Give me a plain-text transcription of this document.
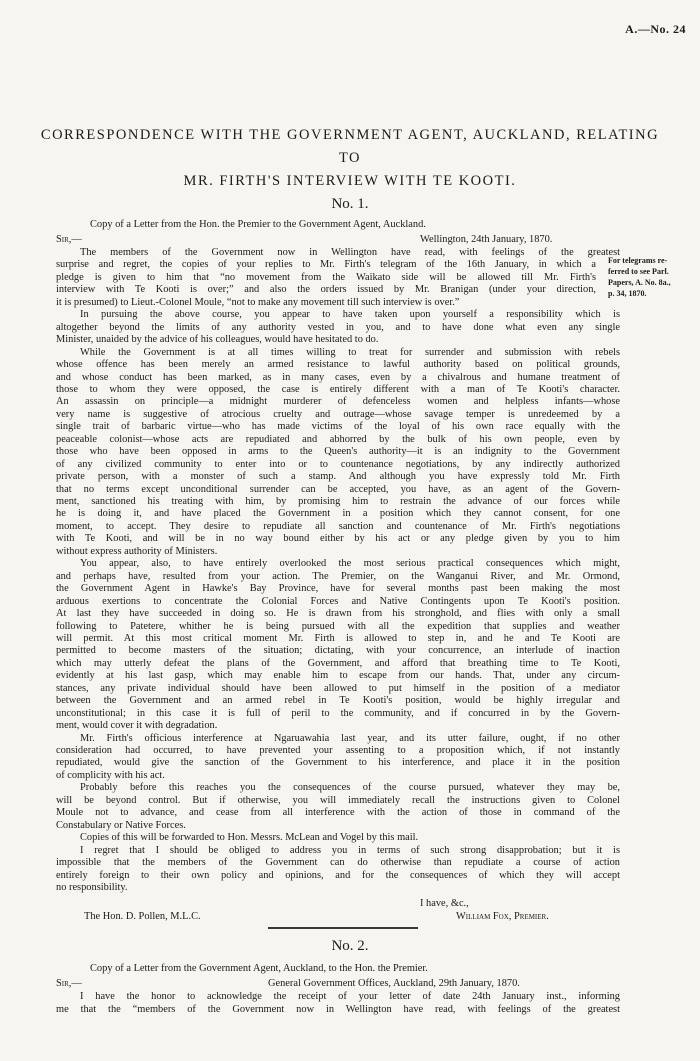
A.—No. 24
CORRESPONDENCE WITH THE GOVERNMENT AGENT, AUCKLAND, RELATING TO
MR. FIRTH'S INTERVIEW WITH TE KOOTI.
No. 1.
Copy of a Letter from the Hon. the Premier to the Government Agent, Auckland.
Sir,—	Wellington, 24th January, 1870.
For telegrams re-
ferred to see Parl.
Papers, A. No. 8a.,
p. 34, 1870.
The members of the Government now in Wellington have read, with feelings of the greatest
surprise and regret, the copies of your replies to Mr. Firth's telegram of the 16th January, in which a
pledge is given to him that “no movement from the Waikato side will be allowed till Mr. Firth's
interview with Te Kooti is over;” and also the orders issued by Mr. Branigan (under your direction,
it is presumed) to Lieut.-Colonel Moule, “not to make any movement till such interview is over.”
In pursuing the above course, you appear to have taken upon yourself a responsibility which is
altogether beyond the limits of any authority vested in you, and to have done what even any single
Minister, unaided by the advice of his colleagues, would have hesitated to do.
While the Government is at all times willing to treat for surrender and submission with rebels
whose offence has been merely an armed resistance to lawful authority based on political grounds,
and whose conduct has been marked, as in many cases, even by a chivalrous and humane treatment of
those to whom they were opposed, the case is entirely different with a man of Te Kooti's character.
An assassin on principle—a midnight murderer of defenceless women and helpless infants—whose
very name is suggestive of atrocious cruelty and outrage—whose savage temper is unredeemed by a
single trait of barbaric virtue—who has made victims of the loyal of his own race equally with the
peaceable colonist—whose acts are repudiated and abhorred by the bulk of his own people, even by
those who have been opposed in arms to the Queen's authority—it is an indignity to the Government
of any civilized community to enter into or to countenance negotiations, by any indirectly authorized
private person, with a monster of such a stamp. And although you have expressly told Mr. Firth
that no terms except unconditional surrender can be accepted, you have, as an agent of the Govern-
ment, sanctioned his treating with him, by promising him to restrain the advance of our forces while
he is doing it, and have placed the Government in a position which they cannot consent, for one
moment, to accept. They desire to repudiate all sanction and countenance of Mr. Firth's negotiations
with Te Kooti, and will be in no way bound either by his act or any pledge given by you to him
without express authority of Ministers.
You appear, also, to have entirely overlooked the most serious practical consequences which might,
and perhaps have, resulted from your action. The Premier, on the Wanganui River, and Mr. Ormond,
the Government Agent in Hawke's Bay Province, have for several months past been making the most
arduous exertions to concentrate the Colonial Forces and Native Contingents upon Te Kooti's position.
At last they have succeeded in doing so. He is drawn from his stronghold, and flies with only a small
following to Patetere, whither he is being pursued with all the expedition that supplies and weather
will permit. At this most critical moment Mr. Firth is allowed to step in, and he and Te Kooti are
permitted to become masters of the situation; dictating, with your concurrence, an interlude of inaction
which may utterly defeat the plans of the Government, and afford that breathing time to Te Kooti,
evidently at his last gasp, which may enable him to escape from our hands. That, under any circum-
stances, any private individual should have been allowed to put himself in the position of a mediator
between the Government and an armed rebel in Te Kooti's position, would be highly irregular and
unconstitutional; in this case it is full of peril to the community, and if concurred in by the Govern-
ment, would cover it with degradation.
Mr. Firth's officious interference at Ngaruawahia last year, and its utter failure, ought, if no other
consideration had occurred, to have prevented your assenting to a proposition which, if not instantly
repudiated, would give the sanction of the Government to his interference, and place it in the position
of complicity with his act.
Probably before this reaches you the consequences of the course pursued, whatever they may be,
will be beyond control. But if otherwise, you will immediately recall the instructions given to Colonel
Moule not to advance, and cease from all interference with the action of those in command of the
Constabulary or Native Forces.
Copies of this will be forwarded to Hon. Messrs. McLean and Vogel by this mail.
I regret that I should be obliged to address you in terms of such strong disapprobation; but it is
impossible that the members of the Government can do otherwise than repudiate a course of action
entirely foreign to their own policy and opinions, and for the consequences of which they will accept
no responsibility.
I have, &c.,
The Hon. D. Pollen, M.L.C.	William Fox, Premier.
No. 2.
Copy of a Letter from the Government Agent, Auckland, to the Hon. the Premier.
Sir,—	General Government Offices, Auckland, 29th January, 1870.
I have the honor to acknowledge the receipt of your letter of date 24th January inst., informing
me that the “members of the Government now in Wellington have read, with feelings of the greatest
